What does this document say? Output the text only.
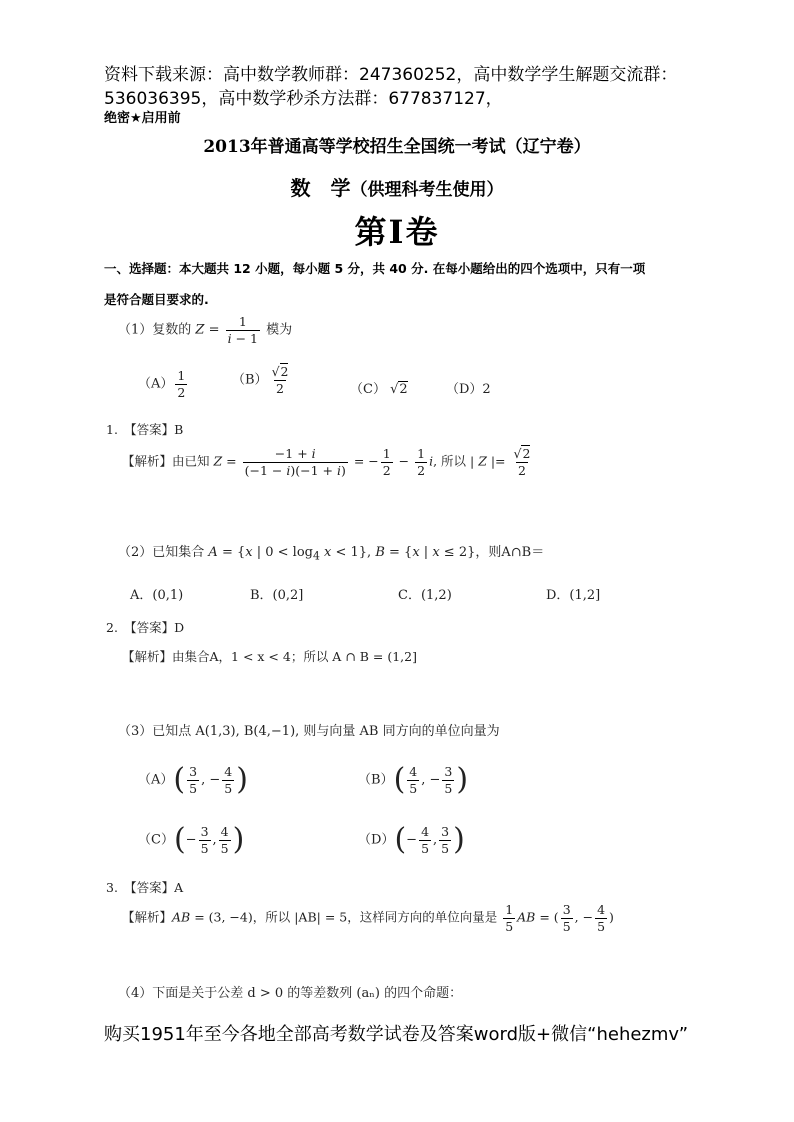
资料下载来源：高中数学教师群：247360252，高中数学学生解题交流群：
536036395，高中数学秒杀方法群：677837127，
绝密★启用前
2013年普通高等学校招生全国统一考试（辽宁卷）
数　学（供理科考生使用）
第Ⅰ卷
一、选择题：本大题共 12 小题，每小题 5 分，共 40 分. 在每小题给出的四个选项中，只有一项
是符合题目要求的.
（1）复数的 $Z = \frac{1}{i - 1}$ 模为
$(A) \frac{1}{2}$	$(B) \frac{√2}{2}$	（C） √2	（D）2
1.　【答案】B
【解析】由已知 $Z = \frac{-1 + i}{(-1 - i)(-1 + i)}$ = − $\frac{1}{2} - \frac{1}{2} i$, 所以 | Z |= $\frac{√2}{2}$
（2）已知集合 A = {x | $0 < \log_4 x < 1$}, B = {x | x ≤ 2}，则A∩B＝
A．(0,1)	B．(0,2]	C．(1,2)	D．(1,2]
2.　【答案】D
【解析】由集合A，1 < x < 4；所以 A ∩ B = (1,2]
（3）已知点 A(1,3), B(4,−1), 则与向量 AB 同方向的单位向量为
$(A)( \frac{3}{5}$ , − $\frac{4}{5}$ )	$(B)( \frac{4}{5}$ , − $\frac{3}{5}$ )
$(C)(- \frac{3}{5}$ , $\frac{4}{5}$ )	$(D)(- \frac{4}{5}$ , $\frac{3}{5}$ )
3.　【答案】A
【解析】AB = (3, −4)，所以 |AB| = 5，这样同方向的单位向量是 $\frac{1}{5}$ AB = ( $\frac{3}{5}$ , − $\frac{4}{5}$ )
（4）下面是关于公差 d > 0 的等差数列 (aₙ) 的四个命题：
购买1951年至今各地全部高考数学试卷及答案word版+微信“hehezmv”
